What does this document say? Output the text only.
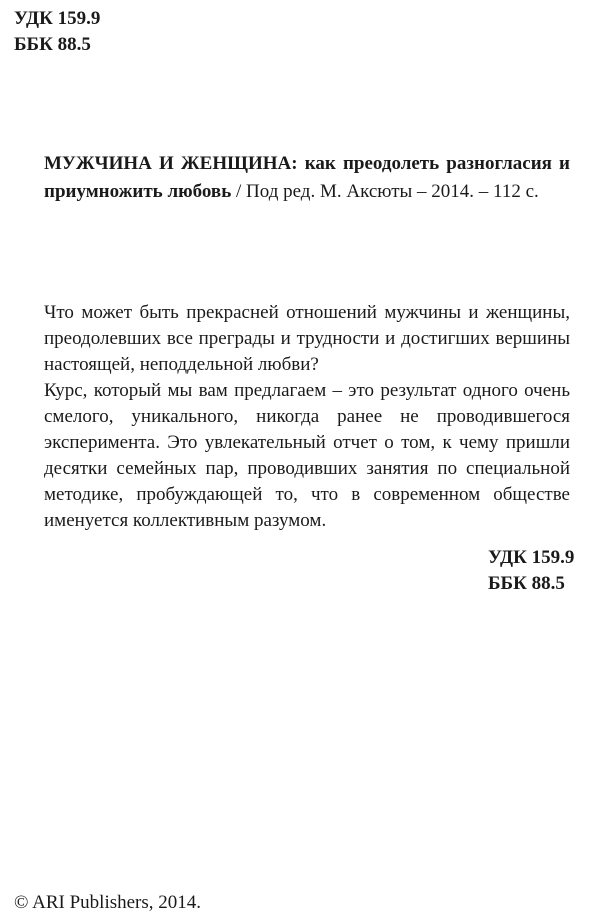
УДК 159.9
ББК 88.5
МУЖЧИНА И ЖЕНЩИНА: как преодолеть разногласия и приумножить любовь / Под ред. М. Аксюты – 2014. – 112 с.

Что может быть прекрасней отношений мужчины и женщины, преодолевших все преграды и трудности и достигших вершины настоящей, неподдельной любви?

Курс, который мы вам предлагаем – это результат одного очень смелого, уникального, никогда ранее не проводившегося эксперимента. Это увлекательный отчет о том, к чему пришли десятки семейных пар, проводивших занятия по специальной методике, пробуждающей то, что в современном обществе именуется коллективным разумом.

УДК 159.9
ББК 88.5
© ARI Publishers, 2014.
